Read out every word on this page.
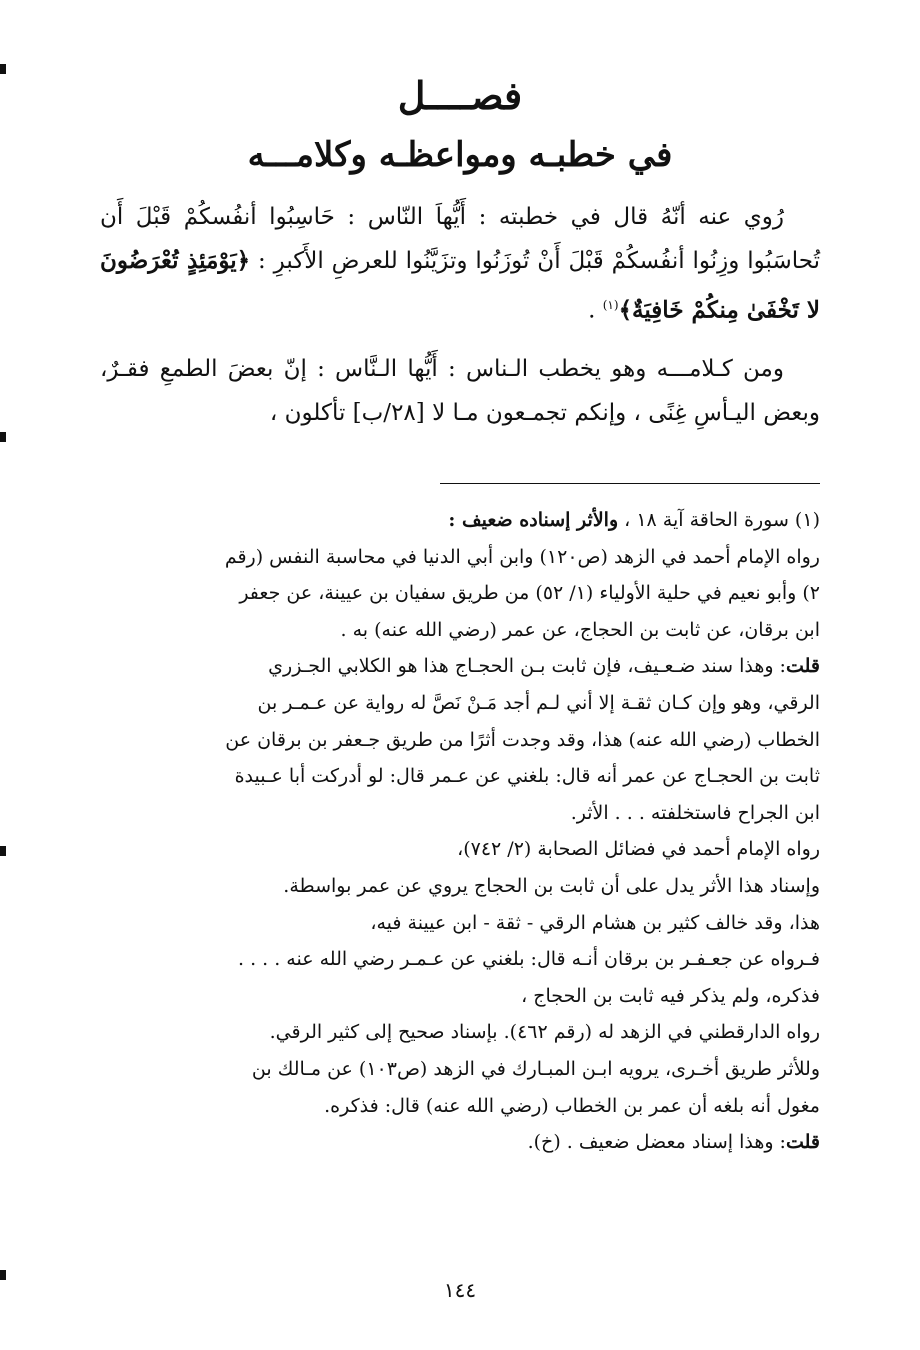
فصــــل
في خطبـه ومواعظـه وكلامـــه

رُوي عنه أنّهُ قال في خطبته : أَيُّهاَ النّاس : حَاسِبُوا أنفُسكُمْ قَبْلَ أَن تُحاسَبُوا وزِنُوا أنفُسكُمْ قَبْلَ أَنْ تُوزَنُوا وتزَيَّنُوا للعرضِ الأَكبرِ : ﴿يَوْمَئِذٍ تُعْرَضُونَ لا تَخْفَىٰ مِنكُمْ خَافِيَةٌ﴾$^{(١)}$ .

ومن كـلامـــه وهو يخطب الـناس : أَيُّها الـنَّاس : إنّ بعضَ الطمعِ فقـرٌ، وبعض اليـأسِ غِنًى ، وإنكم تجمـعون مـا لا [٢٨/ب] تأكلون ،

(١) سورة الحاقة آية ١٨ ، والأثر إسناده ضعيف :
رواه الإمام أحمد في الزهد (ص١٢٠) وابن أبي الدنيا في محاسبة النفس (رقم
٢) وأبو نعيم في حلية الأولياء (١/ ٥٢) من طريق سفيان بن عيينة، عن جعفر
ابن برقان، عن ثابت بن الحجاج، عن عمر (رضي الله عنه) به .
قلت: وهذا سند ضـعـيف، فإن ثابت بـن الحجـاج هذا هو الكلابي الجـزري
الرقي، وهو وإن كـان ثقـة إلا أني لـم أجد مَـنْ نَصَّ له رواية عن عـمـر بن
الخطاب (رضي الله عنه) هذا، وقد وجدت أثرًا من طريق جـعفر بن برقان عن
ثابت بن الحجـاج عن عمر أنه قال: بلغني عن عـمر قال: لو أدركت أبا عـبيدة
ابن الجراح فاستخلفته . . . الأثر.
رواه الإمام أحمد في فضائل الصحابة (٢/ ٧٤٢)،
وإسناد هذا الأثر يدل على أن ثابت بن الحجاج يروي عن عمر بواسطة.
هذا، وقد خالف كثير بن هشام الرقي - ثقة - ابن عيينة فيه،
فـرواه عن جعـفـر بن برقان أنـه قال: بلغني عن عـمـر رضي الله عنه . . . .
فذكره، ولم يذكر فيه ثابت بن الحجاج ،
رواه الدارقطني في الزهد له (رقم ٤٦٢). بإسناد صحيح إلى كثير الرقي.
وللأثر طريق أخـرى، يرويه ابـن المبـارك في الزهد (ص١٠٣) عن مـالك بن
مغول أنه بلغه أن عمر بن الخطاب (رضي الله عنه) قال: فذكره.
قلت: وهذا إسناد معضل ضعيف . (خ).
١٤٤
